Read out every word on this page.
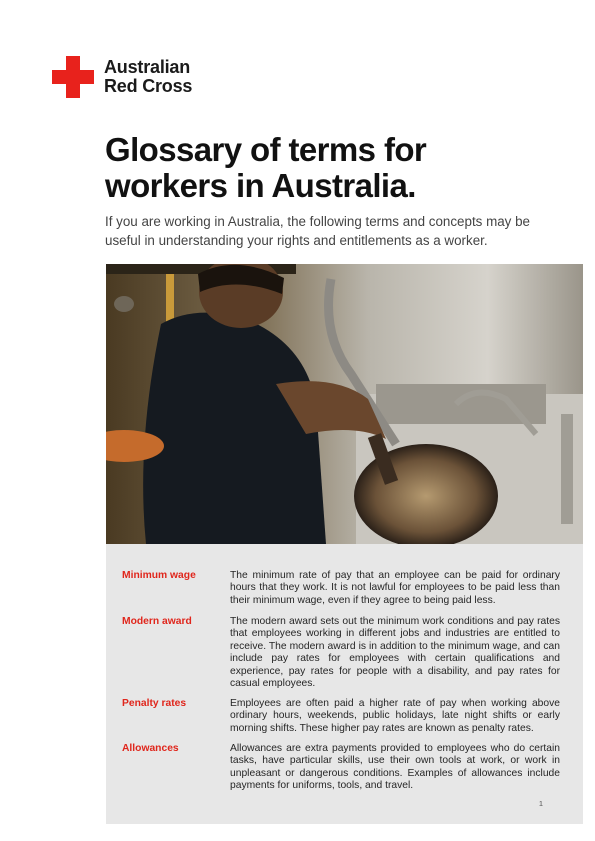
Australian
Red Cross
Glossary of terms for
workers in Australia.

If you are working in Australia, the following terms and concepts may be useful in understanding your rights and entitlements as a worker.

Minimum wage	The minimum rate of pay that an employee can be paid for ordinary hours that they work. It is not lawful for employees to be paid less than their minimum wage, even if they agree to being paid less.
Modern award	The modern award sets out the minimum work conditions and pay rates that employees working in different jobs and industries are entitled to receive. The modern award is in addition to the minimum wage, and can include pay rates for employees with certain qualifications and experience, pay rates for people with a disability, and pay rates for casual employees.
Penalty rates	Employees are often paid a higher rate of pay when working above ordinary hours, weekends, public holidays, late night shifts or early morning shifts. These higher pay rates are known as penalty rates.
Allowances	Allowances are extra payments provided to employees who do certain tasks, have particular skills, use their own tools at work, or work in unpleasant or dangerous conditions. Examples of allowances include payments for uniforms, tools, and travel.
1
